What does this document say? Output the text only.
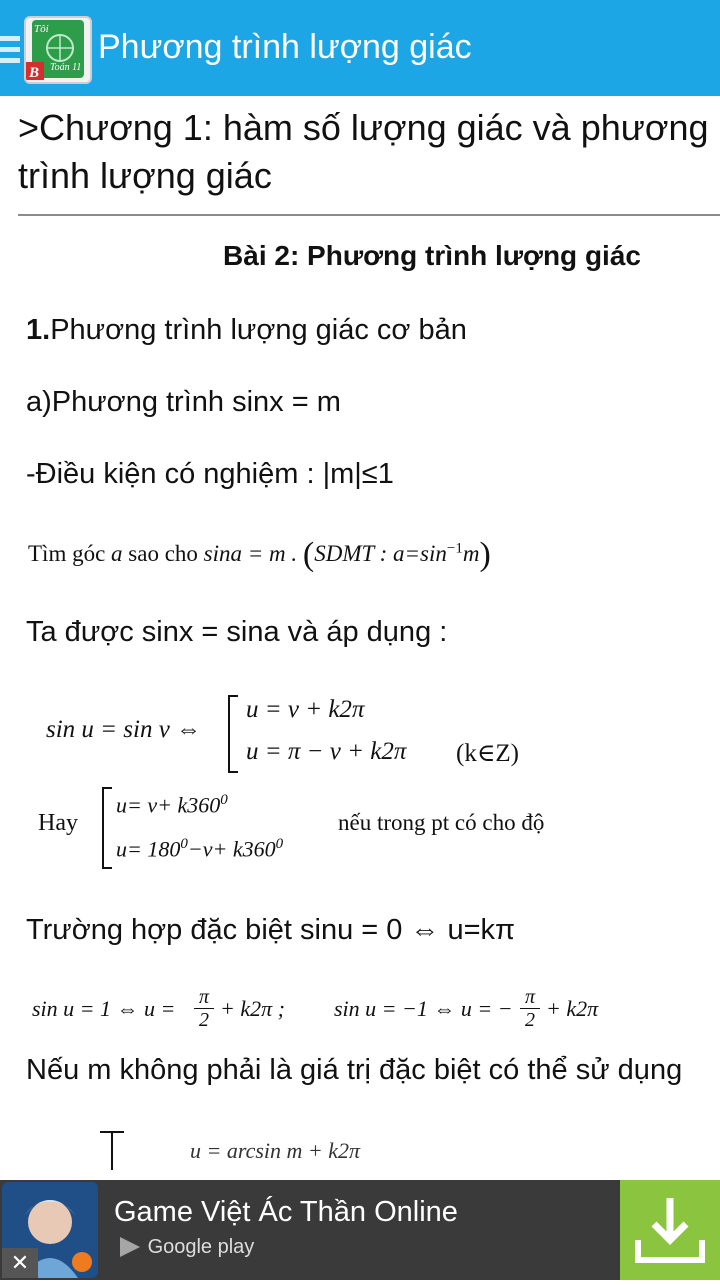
B
Tôi
Toán 11
Phương trình lượng giác
>Chương 1: hàm số lượng giác và phương trình lượng giác
Bài 2: Phương trình lượng giác
1.Phương trình lượng giác cơ bản
a)Phương trình sinx = m
-Điều kiện có nghiệm : |m|≤1
Tìm góc a sao cho sina = m . (SDMT : $a=\sin^{-1}m$)
Ta được sinx = sina và áp dụng :
sin u = sin v ⇔
u = v + k2π
u = π − v + k2π (k∈Z)
Hay
$u= v+ k360^0$
$u= 180^0-v+ k360^0$
nếu trong pt có cho độ
Trường hợp đặc biệt sinu = 0 ⇔ u=kπ
sin u = 1 ⇔ $u = \frac{\pi}{2} + k2\pi$ ; sin u = −1 ⇔ u = − $\frac{\pi}{2} + k2\pi$
Nếu m không phải là giá trị đặc biệt có thể sử dụng
u = arcsin m + k2π
✕
Game Việt Ác Thần Online
Google play
